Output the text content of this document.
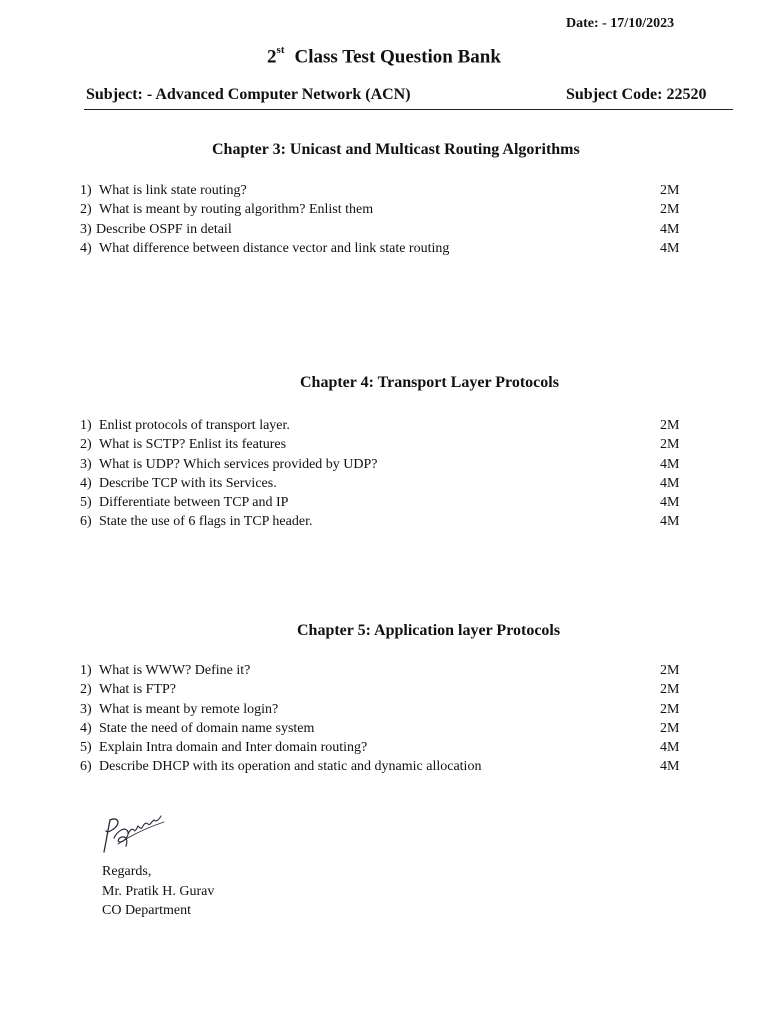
Date: - 17/10/2023
2st Class Test Question Bank
Subject: - Advanced Computer Network (ACN)	Subject Code: 22520
Chapter 3: Unicast and Multicast Routing Algorithms
1) What is link state routing?	2M
2) What is meant by routing algorithm? Enlist them	2M
3) Describe OSPF in detail	4M
4) What difference between distance vector and link state routing	4M
Chapter 4: Transport Layer Protocols
1) Enlist protocols of transport layer.	2M
2) What is SCTP? Enlist its features	2M
3) What is UDP? Which services provided by UDP?	4M
4) Describe TCP with its Services.	4M
5) Differentiate between TCP and IP	4M
6) State the use of 6 flags in TCP header.	4M
Chapter 5: Application layer Protocols
1) What is WWW? Define it?	2M
2) What is FTP?	2M
3) What is meant by remote login?	2M
4) State the need of domain name system	2M
5) Explain Intra domain and Inter domain routing?	4M
6) Describe DHCP with its operation and static and dynamic allocation	4M
Regards,
Mr. Pratik H. Gurav
CO Department
